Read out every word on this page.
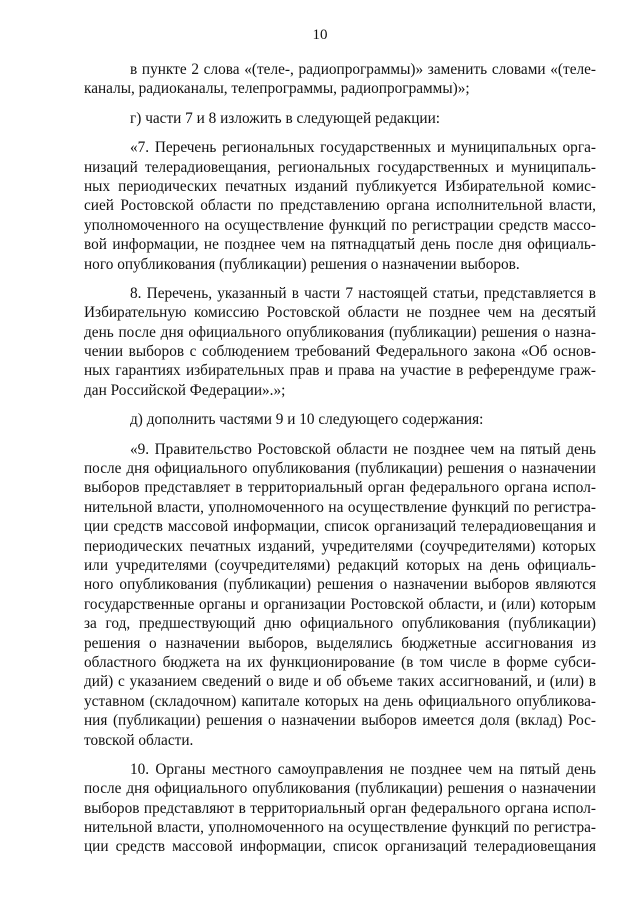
10

в пункте 2 слова «(теле-, радиопрограммы)» заменить словами «(теле-
каналы, радиоканалы, телепрограммы, радиопрограммы)»;

г) части 7 и 8 изложить в следующей редакции:

«7. Перечень региональных государственных и муниципальных орга-
низаций телерадиовещания, региональных государственных и муниципаль-
ных периодических печатных изданий публикуется Избирательной комис-
сией Ростовской области по представлению органа исполнительной власти,
уполномоченного на осуществление функций по регистрации средств массо-
вой информации, не позднее чем на пятнадцатый день после дня официаль-
ного опубликования (публикации) решения о назначении выборов.

8. Перечень, указанный в части 7 настоящей статьи, представляется в
Избирательную комиссию Ростовской области не позднее чем на десятый
день после дня официального опубликования (публикации) решения о назна-
чении выборов с соблюдением требований Федерального закона «Об основ-
ных гарантиях избирательных прав и права на участие в референдуме граж-
дан Российской Федерации».»;

д) дополнить частями 9 и 10 следующего содержания:

«9. Правительство Ростовской области не позднее чем на пятый день
после дня официального опубликования (публикации) решения о назначении
выборов представляет в территориальный орган федерального органа испол-
нительной власти, уполномоченного на осуществление функций по регистра-
ции средств массовой информации, список организаций телерадиовещания и
периодических печатных изданий, учредителями (соучредителями) которых
или учредителями (соучредителями) редакций которых на день официаль-
ного опубликования (публикации) решения о назначении выборов являются
государственные органы и организации Ростовской области, и (или) которым
за год, предшествующий дню официального опубликования (публикации)
решения о назначении выборов, выделялись бюджетные ассигнования из
областного бюджета на их функционирование (в том числе в форме субси-
дий) с указанием сведений о виде и об объеме таких ассигнований, и (или) в
уставном (складочном) капитале которых на день официального опубликова-
ния (публикации) решения о назначении выборов имеется доля (вклад) Рос-
товской области.

10. Органы местного самоуправления не позднее чем на пятый день
после дня официального опубликования (публикации) решения о назначении
выборов представляют в территориальный орган федерального органа испол-
нительной власти, уполномоченного на осуществление функций по регистра-
ции средств массовой информации, список организаций телерадиовещания
